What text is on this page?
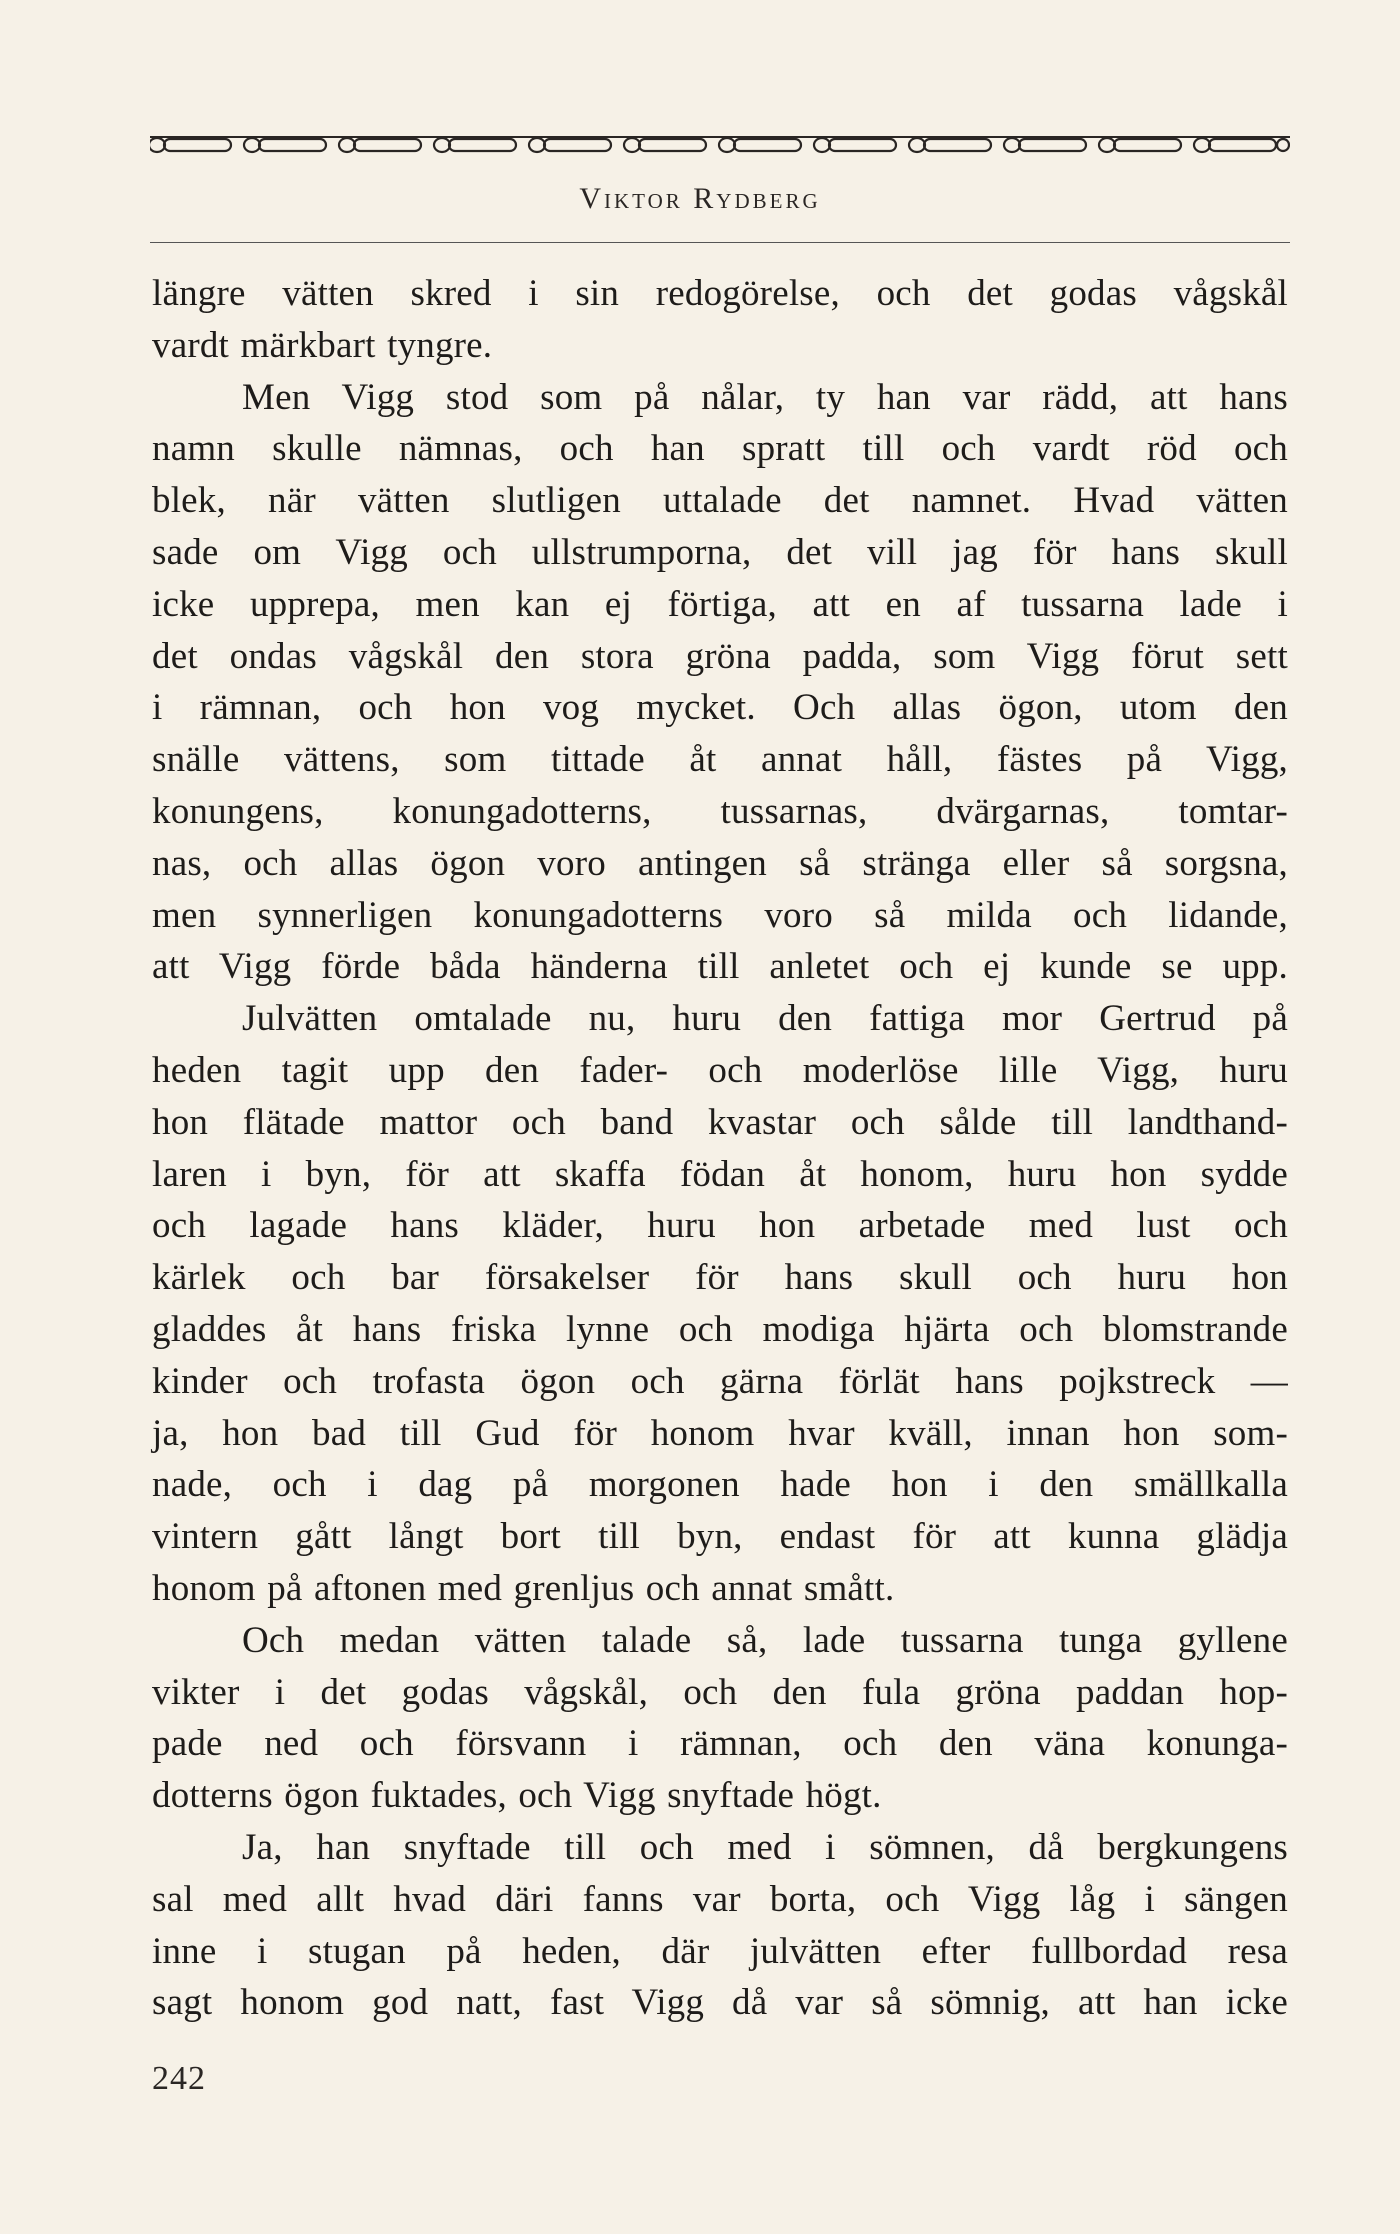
Viktor Rydberg
längre vätten skred i sin redogörelse, och det godas vågskål
vardt märkbart tyngre.
Men Vigg stod som på nålar, ty han var rädd, att hans
namn skulle nämnas, och han spratt till och vardt röd och
blek, när vätten slutligen uttalade det namnet. Hvad vätten
sade om Vigg och ullstrumporna, det vill jag för hans skull
icke upprepa, men kan ej förtiga, att en af tussarna lade i
det ondas vågskål den stora gröna padda, som Vigg förut sett
i rämnan, och hon vog mycket. Och allas ögon, utom den
snälle vättens, som tittade åt annat håll, fästes på Vigg,
konungens, konungadotterns, tussarnas, dvärgarnas, tomtar-
nas, och allas ögon voro antingen så stränga eller så sorgsna,
men synnerligen konungadotterns voro så milda och lidande,
att Vigg förde båda händerna till anletet och ej kunde se upp.
Julvätten omtalade nu, huru den fattiga mor Gertrud på
heden tagit upp den fader- och moderlöse lille Vigg, huru
hon flätade mattor och band kvastar och sålde till landthand-
laren i byn, för att skaffa födan åt honom, huru hon sydde
och lagade hans kläder, huru hon arbetade med lust och
kärlek och bar försakelser för hans skull och huru hon
gladdes åt hans friska lynne och modiga hjärta och blomstrande
kinder och trofasta ögon och gärna förlät hans pojkstreck —
ja, hon bad till Gud för honom hvar kväll, innan hon som-
nade, och i dag på morgonen hade hon i den smällkalla
vintern gått långt bort till byn, endast för att kunna glädja
honom på aftonen med grenljus och annat smått.
Och medan vätten talade så, lade tussarna tunga gyllene
vikter i det godas vågskål, och den fula gröna paddan hop-
pade ned och försvann i rämnan, och den väna konunga-
dotterns ögon fuktades, och Vigg snyftade högt.
Ja, han snyftade till och med i sömnen, då bergkungens
sal med allt hvad däri fanns var borta, och Vigg låg i sängen
inne i stugan på heden, där julvätten efter fullbordad resa
sagt honom god natt, fast Vigg då var så sömnig, att han icke
242
